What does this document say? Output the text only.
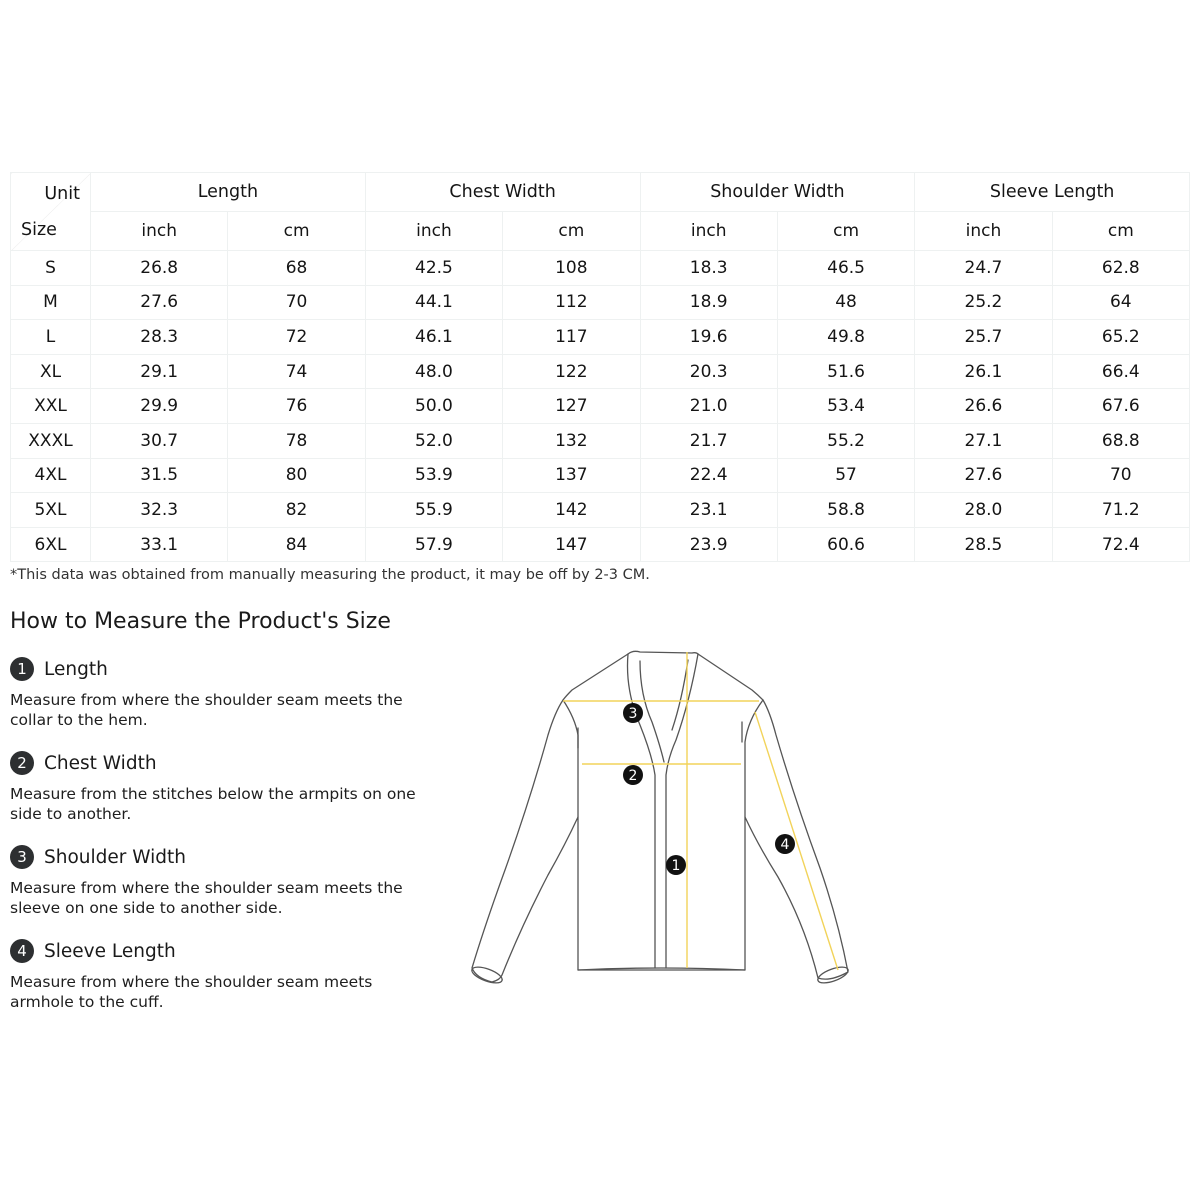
Unit
Size	Length		Chest Width		Shoulder Width		Sleeve Length	
	inch	cm	inch	cm	inch	cm	inch	cm
S	26.8	68	42.5	108	18.3	46.5	24.7	62.8
M	27.6	70	44.1	112	18.9	48	25.2	64
L	28.3	72	46.1	117	19.6	49.8	25.7	65.2
XL	29.1	74	48.0	122	20.3	51.6	26.1	66.4
XXL	29.9	76	50.0	127	21.0	53.4	26.6	67.6
XXXL	30.7	78	52.0	132	21.7	55.2	27.1	68.8
4XL	31.5	80	53.9	137	22.4	57	27.6	70
5XL	32.3	82	55.9	142	23.1	58.8	28.0	71.2
6XL	33.1	84	57.9	147	23.9	60.6	28.5	72.4
*This data was obtained from manually measuring the product, it may be off by 2-3 CM.
How to Measure the Product's Size
1 Length
Measure from where the shoulder seam meets the collar to the hem.
2 Chest Width
Measure from the stitches below the armpits on one side to another.
3 Shoulder Width
Measure from where the shoulder seam meets the sleeve on one side to another side.
4 Sleeve Length
Measure from where the shoulder seam meets armhole to the cuff.
3
2
1
4
